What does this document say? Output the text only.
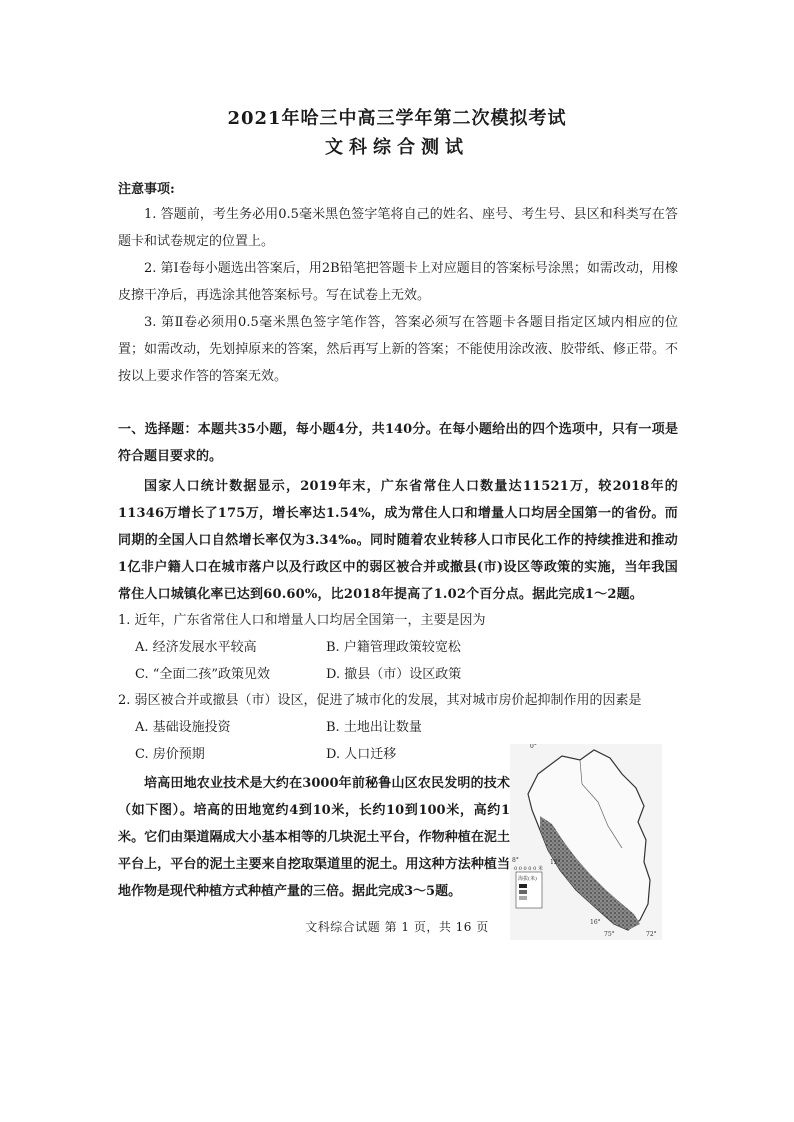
2021年哈三中高三学年第二次模拟考试
文科综合测试
注意事项:
1. 答题前，考生务必用0.5毫米黑色签字笔将自己的姓名、座号、考生号、县区和科类写在答题卡和试卷规定的位置上。
2. 第Ⅰ卷每小题选出答案后，用2B铅笔把答题卡上对应题目的答案标号涂黑；如需改动，用橡皮擦干净后，再选涂其他答案标号。写在试卷上无效。
3. 第Ⅱ卷必须用0.5毫米黑色签字笔作答，答案必须写在答题卡各题目指定区域内相应的位置；如需改动，先划掉原来的答案，然后再写上新的答案；不能使用涂改液、胶带纸、修正带。不按以上要求作答的答案无效。
一、选择题：本题共35小题，每小题4分，共140分。在每小题给出的四个选项中，只有一项是符合题目要求的。
国家人口统计数据显示，2019年末，广东省常住人口数量达11521万，较2018年的11346万增长了175万，增长率达1.54%，成为常住人口和增量人口均居全国第一的省份。而同期的全国人口自然增长率仅为3.34‰。同时随着农业转移人口市民化工作的持续推进和推动1亿非户籍人口在城市落户以及行政区中的弱区被合并或撤县(市)设区等政策的实施，当年我国常住人口城镇化率已达到60.60%，比2018年提高了1.02个百分点。据此完成1～2题。
1. 近年，广东省常住人口和增量人口均居全国第一，主要是因为
A. 经济发展水平较高	B. 户籍管理政策较宽松
C. “全面二孩”政策见效	D. 撤县（市）设区政策
2. 弱区被合并或撤县（市）设区，促进了城市化的发展，其对城市房价起抑制作用的因素是
A. 基础设施投资	B. 土地出让数量
C. 房价预期	D. 人口迁移
培高田地农业技术是大约在3000年前秘鲁山区农民发明的技术（如下图）。培高的田地宽约4到10米，长约10到100米，高约1米。它们由渠道隔成大小基本相等的几块泥土平台，作物种植在泥土平台上，平台的泥土主要来自挖取渠道里的泥土。用这种方法种植当地作物是现代种植方式种植产量的三倍。据此完成3～5题。
0°
8°	12°
16°
72°
75°
0 0 0 0 0 米
海拔(米)
文科综合试题 第 1 页，共 16 页
